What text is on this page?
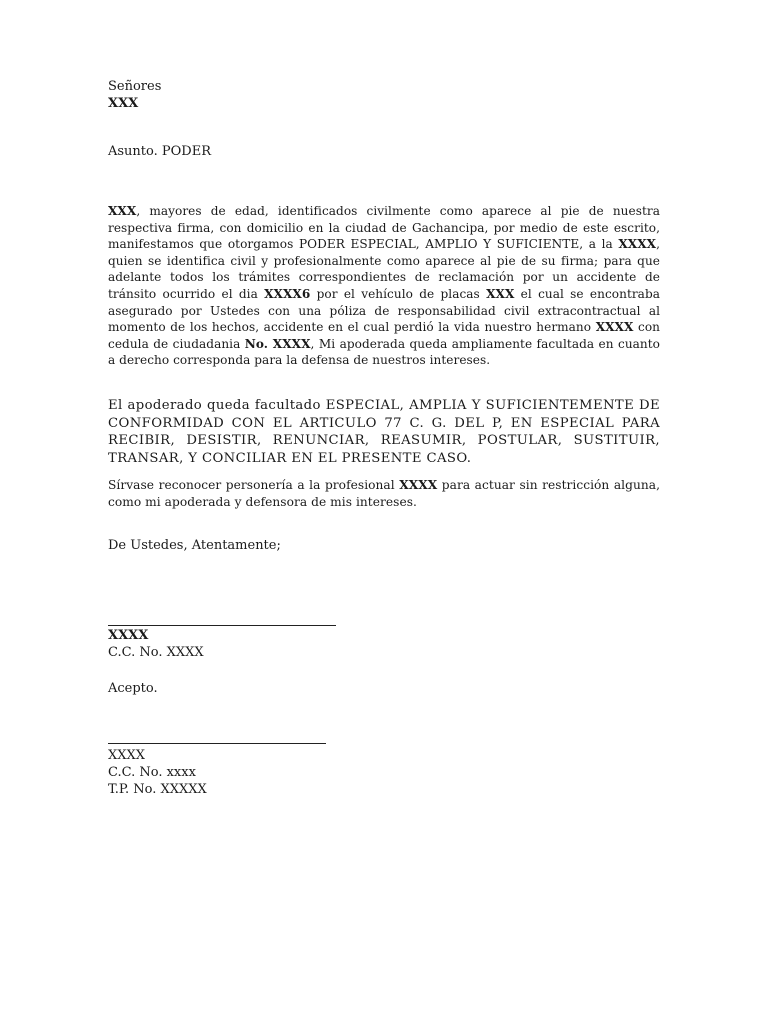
Señores
XXX
Asunto. PODER
XXX, mayores de edad, identificados civilmente como aparece al pie de nuestra respectiva firma, con domicilio en la ciudad de Gachancipa, por medio de este escrito, manifestamos que otorgamos PODER ESPECIAL, AMPLIO Y SUFICIENTE, a la XXXX, quien se identifica civil y profesionalmente como aparece al pie de su firma; para que adelante todos los trámites correspondientes de reclamación por un accidente de tránsito ocurrido el dia XXXX6 por el vehículo de placas XXX el cual se encontraba asegurado por Ustedes con una póliza de responsabilidad civil extracontractual al momento de los hechos, accidente en el cual perdió la vida nuestro hermano XXXX con cedula de ciudadania No. XXXX, Mi apoderada queda ampliamente facultada en cuanto a derecho corresponda para la defensa de nuestros intereses.
El apoderado queda facultado ESPECIAL, AMPLIA Y SUFICIENTEMENTE DE CONFORMIDAD CON EL ARTICULO 77 C. G. DEL P, EN ESPECIAL PARA RECIBIR, DESISTIR, RENUNCIAR, REASUMIR, POSTULAR, SUSTITUIR, TRANSAR, Y CONCILIAR EN EL PRESENTE CASO.
Sírvase reconocer personería a la profesional XXXX para actuar sin restricción alguna, como mi apoderada y defensora de mis intereses.
De Ustedes, Atentamente;
XXXX
C.C. No. XXXX
Acepto.
XXXX
C.C. No. xxxx
T.P. No. XXXXX
